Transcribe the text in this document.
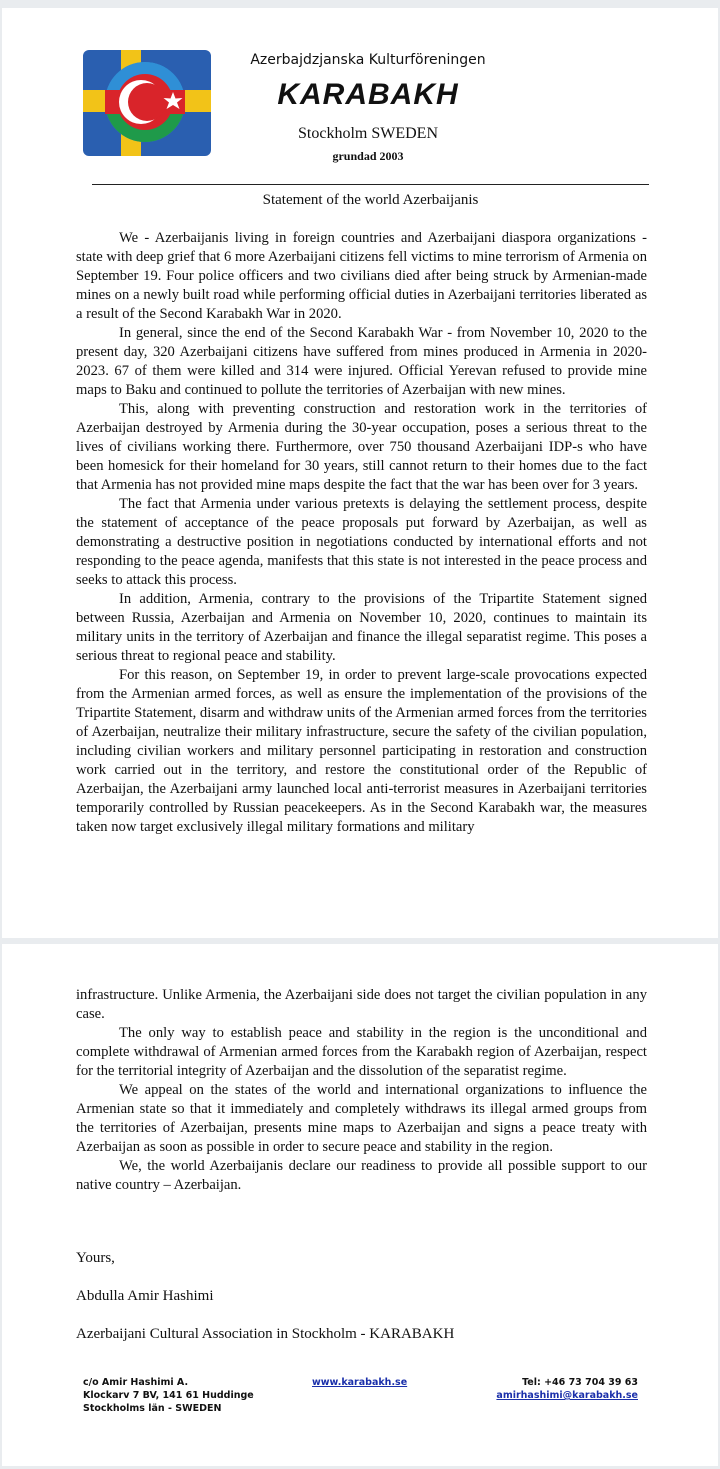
Azerbajdzjanska Kulturföreningen
KARABAKH
Stockholm SWEDEN
grundad 2003
Statement of the world Azerbaijanis

We - Azerbaijanis living in foreign countries and Azerbaijani diaspora organizations - state with deep grief that 6 more Azerbaijani citizens fell victims to mine terrorism of Armenia on September 19. Four police officers and two civilians died after being struck by Armenian-made mines on a newly built road while performing official duties in Azerbaijani territories liberated as a result of the Second Karabakh War in 2020.

In general, since the end of the Second Karabakh War - from November 10, 2020 to the present day, 320 Azerbaijani citizens have suffered from mines produced in Armenia in 2020-2023. 67 of them were killed and 314 were injured. Official Yerevan refused to provide mine maps to Baku and continued to pollute the territories of Azerbaijan with new mines.

This, along with preventing construction and restoration work in the territories of Azerbaijan destroyed by Armenia during the 30-year occupation, poses a serious threat to the lives of civilians working there. Furthermore, over 750 thousand Azerbaijani IDP-s who have been homesick for their homeland for 30 years, still cannot return to their homes due to the fact that Armenia has not provided mine maps despite the fact that the war has been over for 3 years.

The fact that Armenia under various pretexts is delaying the settlement process, despite the statement of acceptance of the peace proposals put forward by Azerbaijan, as well as demonstrating a destructive position in negotiations conducted by international efforts and not responding to the peace agenda, manifests that this state is not interested in the peace process and seeks to attack this process.

In addition, Armenia, contrary to the provisions of the Tripartite Statement signed between Russia, Azerbaijan and Armenia on November 10, 2020, continues to maintain its military units in the territory of Azerbaijan and finance the illegal separatist regime. This poses a serious threat to regional peace and stability.

For this reason, on September 19, in order to prevent large-scale provocations expected from the Armenian armed forces, as well as ensure the implementation of the provisions of the Tripartite Statement, disarm and withdraw units of the Armenian armed forces from the territories of Azerbaijan, neutralize their military infrastructure, secure the safety of the civilian population, including civilian workers and military personnel participating in restoration and construction work carried out in the territory, and restore the constitutional order of the Republic of Azerbaijan, the Azerbaijani army launched local anti-terrorist measures in Azerbaijani territories temporarily controlled by Russian peacekeepers. As in the Second Karabakh war, the measures taken now target exclusively illegal military formations and military

infrastructure. Unlike Armenia, the Azerbaijani side does not target the civilian population in any case.

The only way to establish peace and stability in the region is the unconditional and complete withdrawal of Armenian armed forces from the Karabakh region of Azerbaijan, respect for the territorial integrity of Azerbaijan and the dissolution of the separatist regime.

We appeal on the states of the world and international organizations to influence the Armenian state so that it immediately and completely withdraws its illegal armed groups from the territories of Azerbaijan, presents mine maps to Azerbaijan and signs a peace treaty with Azerbaijan as soon as possible in order to secure peace and stability in the region.

We, the world Azerbaijanis declare our readiness to provide all possible support to our native country – Azerbaijan.

Yours,
Abdulla Amir Hashimi
Azerbaijani Cultural Association in Stockholm - KARABAKH
c/o Amir Hashimi A.
Klockarv 7 BV, 141 61 Huddinge
Stockholms län - SWEDEN
www.karabakh.se	Tel: +46 73 704 39 63
amirhashimi@karabakh.se
